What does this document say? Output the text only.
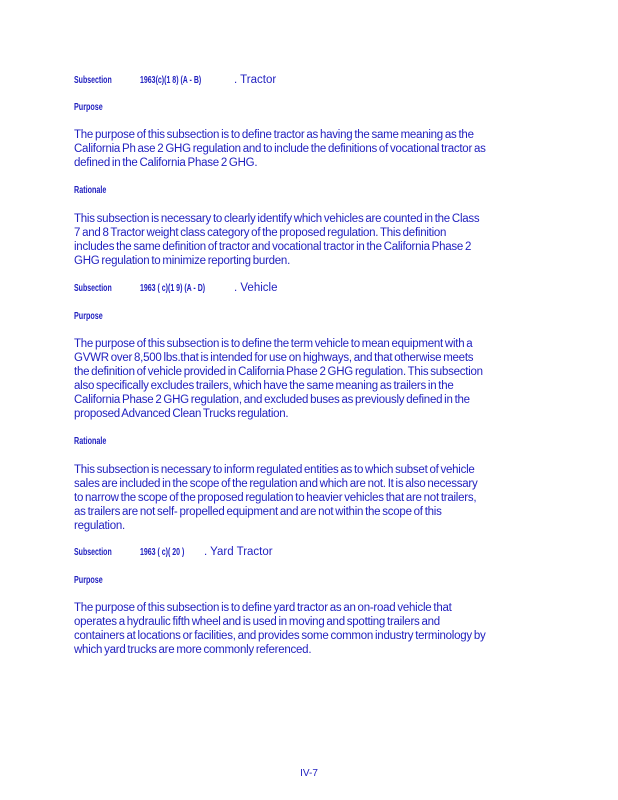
Subsection	1963(c)(1 8) (A - B)	. Tractor
Purpose
The purpose of this subsection is to define tractor as having the same meaning as the
California Ph ase 2 GHG regulation and to include the definitions of vocational tractor as
defined in the California Phase 2 GHG.
Rationale
This subsection is necessary to clearly identify which vehicles are counted in the Class
7 and 8 Tractor weight class category of the proposed regulation. This definition
includes the same definition of tractor and vocational tractor in the California Phase 2
GHG regulation to minimize reporting burden.
Subsection	1963 ( c)(1 9) (A - D)	. Vehicle
Purpose
The purpose of this subsection is to define the term vehicle to mean equipment with a
GVWR over 8,500 lbs.that is intended for use on highways, and that otherwise meets
the definition of vehicle provided in California Phase 2 GHG regulation. This subsection
also specifically excludes trailers, which have the same meaning as trailers in the
California Phase 2 GHG regulation, and excluded buses as previously defined in the
proposed Advanced Clean Trucks regulation.
Rationale
This subsection is necessary to inform regulated entities as to which subset of vehicle
sales are included in the scope of the regulation and which are not. It is also necessary
to narrow the scope of the proposed regulation to heavier vehicles that are not trailers,
as trailers are not self- propelled equipment and are not within the scope of this
regulation.
Subsection	1963 ( c)( 20 ) . Yard Tractor
Purpose
The purpose of this subsection is to define yard tractor as an on-road vehicle that
operates a hydraulic fifth wheel and is used in moving and spotting trailers and
containers at locations or facilities, and provides some common industry terminology by
which yard trucks are more commonly referenced.
IV-7
